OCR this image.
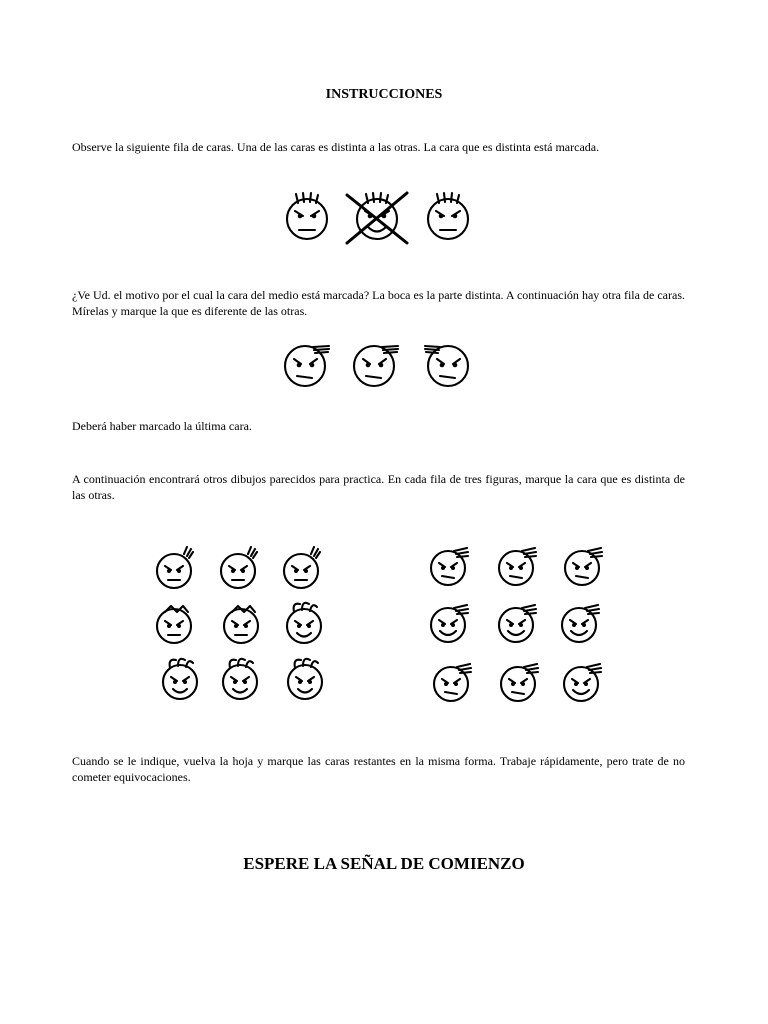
INSTRUCCIONES

Observe la siguiente fila de caras. Una de las caras es distinta a las otras. La cara que es distinta está marcada.

¿Ve Ud. el motivo por el cual la cara del medio está marcada? La boca es la parte distinta. A continuación hay otra fila de caras. Mírelas y marque la que es diferente de las otras.

Deberá haber marcado la última cara.

A continuación encontrará otros dibujos parecidos para practica. En cada fila de tres figuras, marque la cara que es distinta de las otras.

Cuando se le indique, vuelva la hoja y marque las caras restantes en la misma forma. Trabaje rápidamente, pero trate de no cometer equivocaciones.

ESPERE LA SEÑAL DE COMIENZO
